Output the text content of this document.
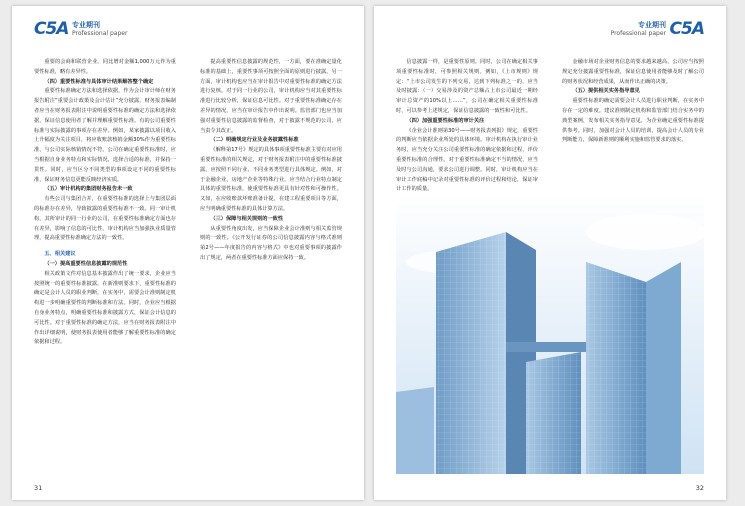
C5A 专业期刊
Professional paper

重要的会商和联营企业。同比增对金额1,000万元作为重要性标准，略有差异性。

（四）重要性标准与具体审计结果解答整个确定

重要性标准确定方法和选择依据，作为会计审计师在财务报告附注“重要会计政策及会计估计”充分披露，财务报表编制者应当在财务报表附注中说明重要性标准的确定方法和选择依据，保证信息使用者了解并理解重要性标准。有的公司重要性标准与实际披露的事项存在差异。例如，某家披露以项目收入上升幅度为关注项目，将应收账款核销金额30%作为重要性标准，与公司实际核销情况不符。公司在确定重要性标准时，应当根据自身业务特点和实际情况，选择合适的标准，并保持一贯性。同时，应当区分不同类型的事项设定不同的重要性标准，保证财务信息更能反映经济实质。

（五）审计机构的集团财务报告未一致

有些公司与集团合并，在重要性标准的选择上与集团层面的标准存在差异，导致披露的重要性标准不一致。同一审计机构，其所审计的同一行业的公司，在重要性标准确定方面也存在差异，影响了信息的可比性。审计机构应当加强执业质量管理，提高重要性标准确定方法的一致性。

五、相关建议

（一）提高重要性信息披露的规范性

相关政策文件对信息基本披露作出了统一要求，企业应当按照统一的重要性标准披露，在新准则要求下，重要性标准的确定是会计人员的职业判断，在实务中，需要会计准则制定机构进一步明确重要性的判断标准和方法。同时，企业应当根据自身业务特点，明确重要性标准和披露方式，保证会计信息的可比性。对于重要性标准的确定方法，应当在财务报表附注中作出详细说明，使财务报表使用者能够了解重要性标准的确定依据和过程。

提高重要性信息披露的规范性，一方面，要在准确定量化标准的基础上，重要性事项可按照全面的原则进行披露。另一方面，审计机构也应当在审计报告中对重要性标准的确定方法进行复核。对于同一行业的公司，审计机构应当对其重要性标准进行比较分析，保证信息可比性。对于重要性标准确定存在差异的情况，应当在审计报告中作出说明。监管部门也应当加强对重要性信息披露的监督检查，对于披露不规范的公司，应当责令其改正。

（二）明确规定行业及业务披露性标准

《解释第17号》规定的具体事项重要性标准主要有对应用重要性标准的相关规定，对于财务报表附注中的重要性标准披露，应按照不同行业、不同业务类型进行具体规定。例如，对于金融企业、房地产企业等特殊行业，应当结合行业特点制定具体的重要性标准，使重要性标准更具有针对性和可操作性。又如，在应收账款坏账准备计提、在建工程重要项目等方面，应当明确重要性标准的具体计算方法。

（三）保障与相关规则的一致性

从重要性角度出发，应当保障企业会计准则与相关监管规则的一致性。《公开发行证券的公司信息披露内容与格式准则第2号——年度报告的内容与格式》中也对重要事项的披露作出了规定，两者在重要性标准方面应保持一致。

31
C5A
专业期刊
Professional paper

信息披露一样，是重要性原则。同时，公司在确定相关事项重要性标准时，可参照相关规则。例如，《上市规则》规定：“上市公司发生的下列交易，达到下列标准之一的，应当及时披露：（一）交易涉及的资产总额占上市公司最近一期经审计总资产的10%以上……”，公司在确定相关重要性标准时，可以参考上述规定，保证信息披露的一致性和可比性。

（四）加强重要性标准的审计关注

《企业会计准则第30号——财务报表列报》规定，重要性的判断应当依据企业所处的具体环境。审计机构在执行审计业务时，应当充分关注公司重要性标准的确定依据和过程，评价重要性标准的合理性。对于重要性标准确定不当的情况，应当及时与公司沟通，要求公司进行调整。同时，审计机构应当在审计工作底稿中记录对重要性标准的评价过程和结论，保证审计工作的质量。

金融市场对企业财务信息的要求越来越高，公司应当按照规定充分披露重要性标准，保证信息使用者能够及时了解公司的财务状况和经营成果，从而作出正确的决策。

（五）提供相关实务指导意见

重要性标准的确定需要会计人员进行职业判断，在实务中存在一定的难度。建议准则制定机构和监管部门结合实务中的典型案例，发布相关实务指导意见，为企业确定重要性标准提供参考。同时，加强对会计人员的培训，提高会计人员的专业判断能力，保障新准则的顺利实施和监管要求的落实。

32
